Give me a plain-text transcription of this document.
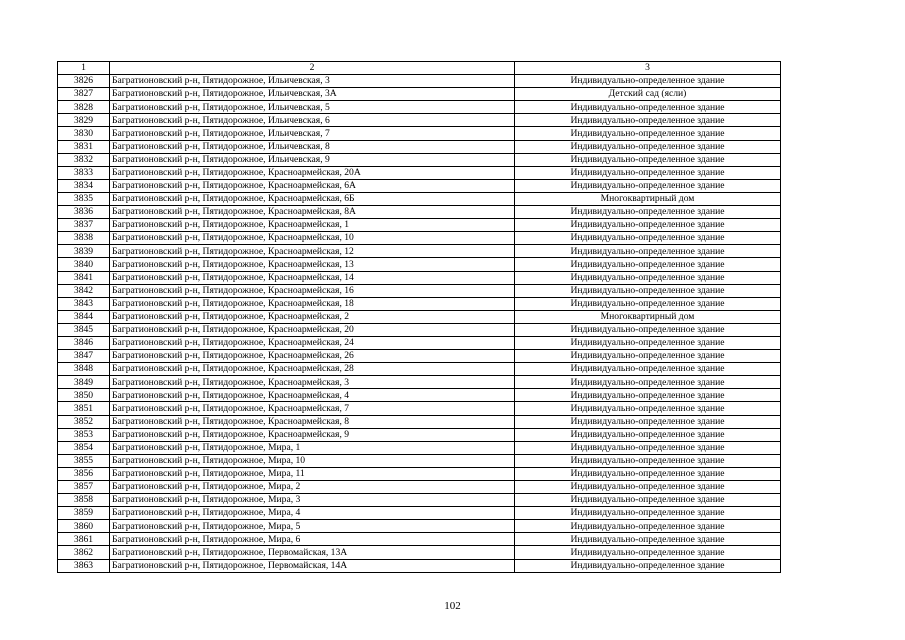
1	2	3
3826	Багратионовский р-н, Пятидорожное, Ильичевская, 3	Индивидуально-определенное здание
3827	Багратионовский р-н, Пятидорожное, Ильичевская, 3А	Детский сад (ясли)
3828	Багратионовский р-н, Пятидорожное, Ильичевская, 5	Индивидуально-определенное здание
3829	Багратионовский р-н, Пятидорожное, Ильичевская, 6	Индивидуально-определенное здание
3830	Багратионовский р-н, Пятидорожное, Ильичевская, 7	Индивидуально-определенное здание
3831	Багратионовский р-н, Пятидорожное, Ильичевская, 8	Индивидуально-определенное здание
3832	Багратионовский р-н, Пятидорожное, Ильичевская, 9	Индивидуально-определенное здание
3833	Багратионовский р-н, Пятидорожное, Красноармейская, 20А	Индивидуально-определенное здание
3834	Багратионовский р-н, Пятидорожное, Красноармейская, 6А	Индивидуально-определенное здание
3835	Багратионовский р-н, Пятидорожное, Красноармейская, 6Б	Многоквартирный дом
3836	Багратионовский р-н, Пятидорожное, Красноармейская, 8А	Индивидуально-определенное здание
3837	Багратионовский р-н, Пятидорожное, Красноармейская, 1	Индивидуально-определенное здание
3838	Багратионовский р-н, Пятидорожное, Красноармейская, 10	Индивидуально-определенное здание
3839	Багратионовский р-н, Пятидорожное, Красноармейская, 12	Индивидуально-определенное здание
3840	Багратионовский р-н, Пятидорожное, Красноармейская, 13	Индивидуально-определенное здание
3841	Багратионовский р-н, Пятидорожное, Красноармейская, 14	Индивидуально-определенное здание
3842	Багратионовский р-н, Пятидорожное, Красноармейская, 16	Индивидуально-определенное здание
3843	Багратионовский р-н, Пятидорожное, Красноармейская, 18	Индивидуально-определенное здание
3844	Багратионовский р-н, Пятидорожное, Красноармейская, 2	Многоквартирный дом
3845	Багратионовский р-н, Пятидорожное, Красноармейская, 20	Индивидуально-определенное здание
3846	Багратионовский р-н, Пятидорожное, Красноармейская, 24	Индивидуально-определенное здание
3847	Багратионовский р-н, Пятидорожное, Красноармейская, 26	Индивидуально-определенное здание
3848	Багратионовский р-н, Пятидорожное, Красноармейская, 28	Индивидуально-определенное здание
3849	Багратионовский р-н, Пятидорожное, Красноармейская, 3	Индивидуально-определенное здание
3850	Багратионовский р-н, Пятидорожное, Красноармейская, 4	Индивидуально-определенное здание
3851	Багратионовский р-н, Пятидорожное, Красноармейская, 7	Индивидуально-определенное здание
3852	Багратионовский р-н, Пятидорожное, Красноармейская, 8	Индивидуально-определенное здание
3853	Багратионовский р-н, Пятидорожное, Красноармейская, 9	Индивидуально-определенное здание
3854	Багратионовский р-н, Пятидорожное, Мира, 1	Индивидуально-определенное здание
3855	Багратионовский р-н, Пятидорожное, Мира, 10	Индивидуально-определенное здание
3856	Багратионовский р-н, Пятидорожное, Мира, 11	Индивидуально-определенное здание
3857	Багратионовский р-н, Пятидорожное, Мира, 2	Индивидуально-определенное здание
3858	Багратионовский р-н, Пятидорожное, Мира, 3	Индивидуально-определенное здание
3859	Багратионовский р-н, Пятидорожное, Мира, 4	Индивидуально-определенное здание
3860	Багратионовский р-н, Пятидорожное, Мира, 5	Индивидуально-определенное здание
3861	Багратионовский р-н, Пятидорожное, Мира, 6	Индивидуально-определенное здание
3862	Багратионовский р-н, Пятидорожное, Первомайская, 13А	Индивидуально-определенное здание
3863	Багратионовский р-н, Пятидорожное, Первомайская, 14А	Индивидуально-определенное здание
102
